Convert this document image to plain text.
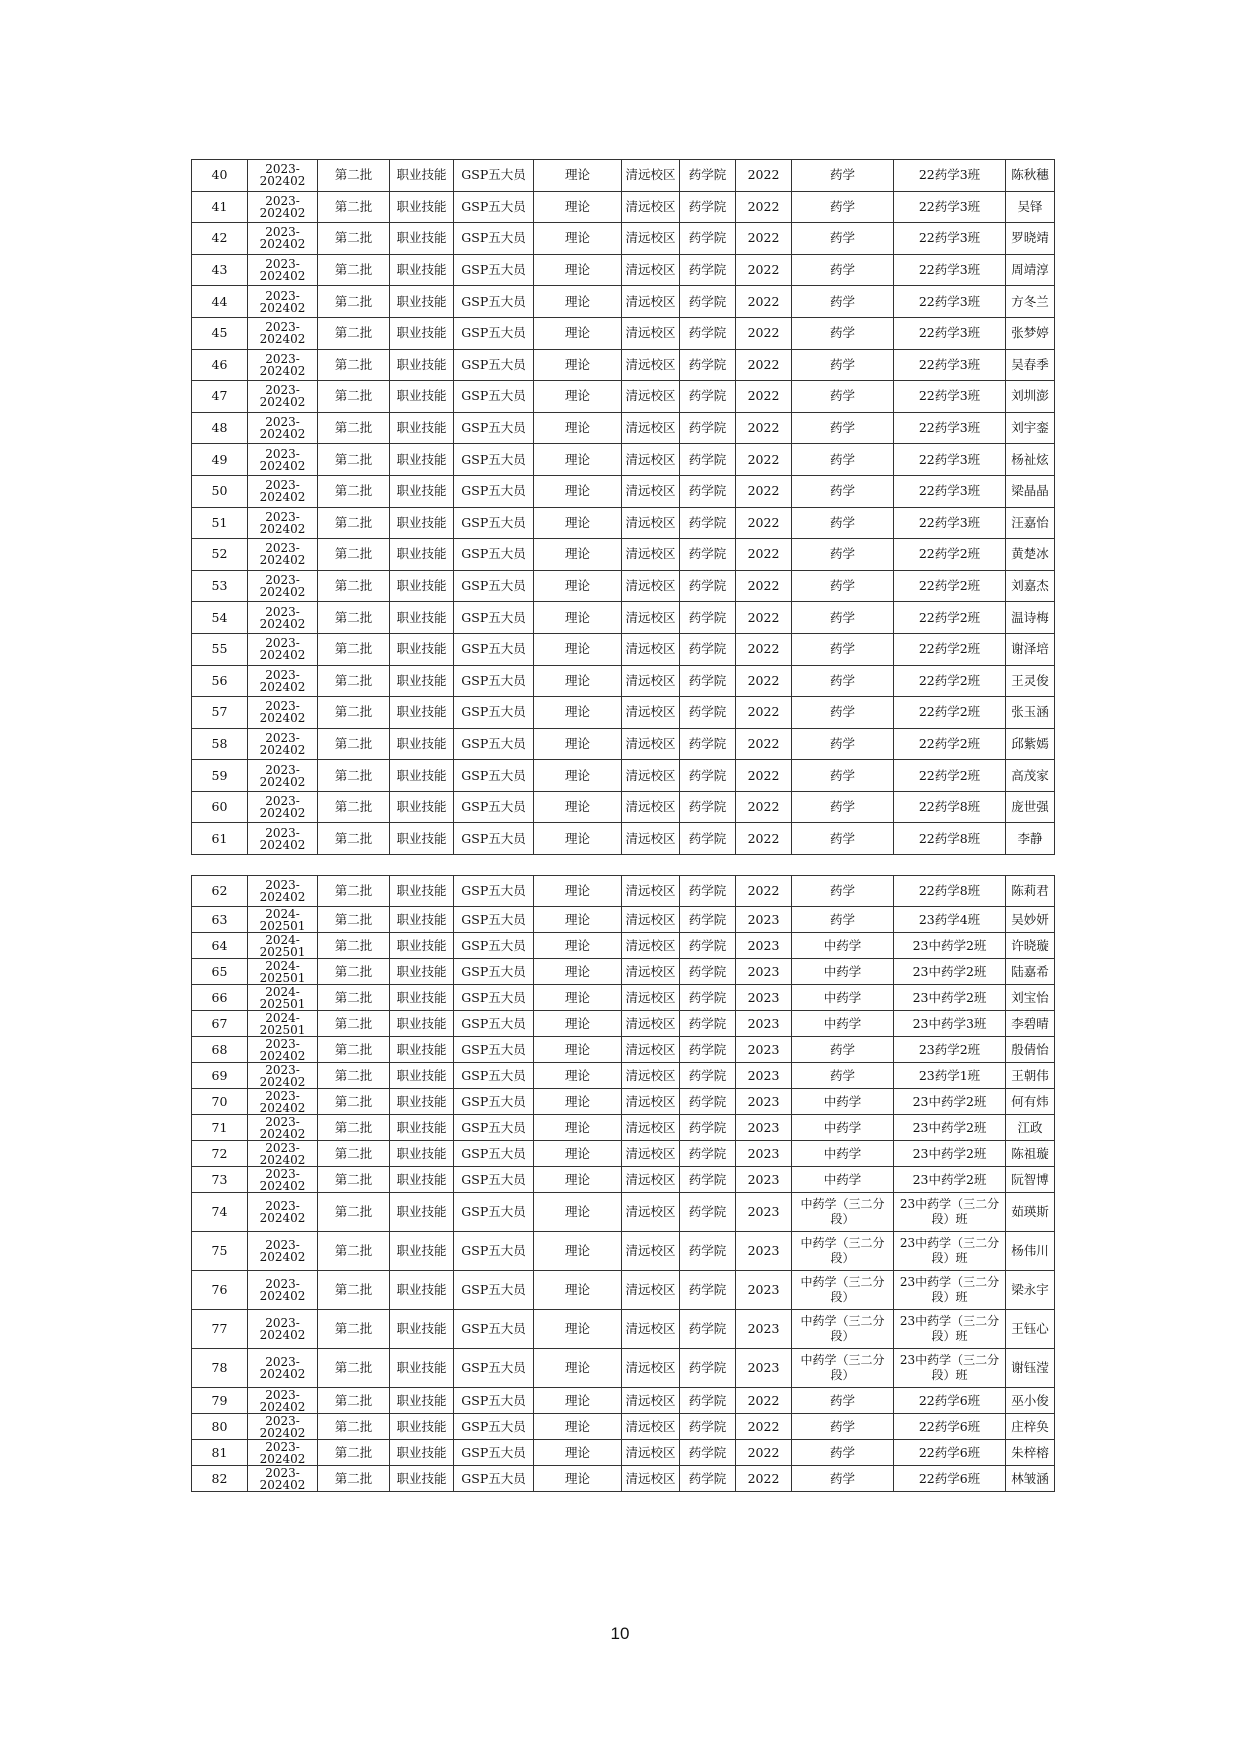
40	2023-202402	第二批	职业技能	GSP五大员	理论	清远校区	药学院	2022	药学	22药学3班	陈秋穗
41	2023-202402	第二批	职业技能	GSP五大员	理论	清远校区	药学院	2022	药学	22药学3班	吴铎
42	2023-202402	第二批	职业技能	GSP五大员	理论	清远校区	药学院	2022	药学	22药学3班	罗晓靖
43	2023-202402	第二批	职业技能	GSP五大员	理论	清远校区	药学院	2022	药学	22药学3班	周靖淳
44	2023-202402	第二批	职业技能	GSP五大员	理论	清远校区	药学院	2022	药学	22药学3班	方冬兰
45	2023-202402	第二批	职业技能	GSP五大员	理论	清远校区	药学院	2022	药学	22药学3班	张梦婷
46	2023-202402	第二批	职业技能	GSP五大员	理论	清远校区	药学院	2022	药学	22药学3班	吴春季
47	2023-202402	第二批	职业技能	GSP五大员	理论	清远校区	药学院	2022	药学	22药学3班	刘圳澎
48	2023-202402	第二批	职业技能	GSP五大员	理论	清远校区	药学院	2022	药学	22药学3班	刘宇銮
49	2023-202402	第二批	职业技能	GSP五大员	理论	清远校区	药学院	2022	药学	22药学3班	杨祉炫
50	2023-202402	第二批	职业技能	GSP五大员	理论	清远校区	药学院	2022	药学	22药学3班	梁晶晶
51	2023-202402	第二批	职业技能	GSP五大员	理论	清远校区	药学院	2022	药学	22药学3班	汪嘉怡
52	2023-202402	第二批	职业技能	GSP五大员	理论	清远校区	药学院	2022	药学	22药学2班	黄楚冰
53	2023-202402	第二批	职业技能	GSP五大员	理论	清远校区	药学院	2022	药学	22药学2班	刘嘉杰
54	2023-202402	第二批	职业技能	GSP五大员	理论	清远校区	药学院	2022	药学	22药学2班	温诗梅
55	2023-202402	第二批	职业技能	GSP五大员	理论	清远校区	药学院	2022	药学	22药学2班	谢泽培
56	2023-202402	第二批	职业技能	GSP五大员	理论	清远校区	药学院	2022	药学	22药学2班	王灵俊
57	2023-202402	第二批	职业技能	GSP五大员	理论	清远校区	药学院	2022	药学	22药学2班	张玉涵
58	2023-202402	第二批	职业技能	GSP五大员	理论	清远校区	药学院	2022	药学	22药学2班	邱紫嫣
59	2023-202402	第二批	职业技能	GSP五大员	理论	清远校区	药学院	2022	药学	22药学2班	高茂家
60	2023-202402	第二批	职业技能	GSP五大员	理论	清远校区	药学院	2022	药学	22药学8班	庞世强
61	2023-202402	第二批	职业技能	GSP五大员	理论	清远校区	药学院	2022	药学	22药学8班	李静
62	2023-202402	第二批	职业技能	GSP五大员	理论	清远校区	药学院	2022	药学	22药学8班	陈莉君
63	2024-202501	第二批	职业技能	GSP五大员	理论	清远校区	药学院	2023	药学	23药学4班	吴妙妍
64	2024-202501	第二批	职业技能	GSP五大员	理论	清远校区	药学院	2023	中药学	23中药学2班	许晓璇
65	2024-202501	第二批	职业技能	GSP五大员	理论	清远校区	药学院	2023	中药学	23中药学2班	陆嘉希
66	2024-202501	第二批	职业技能	GSP五大员	理论	清远校区	药学院	2023	中药学	23中药学2班	刘宝怡
67	2024-202501	第二批	职业技能	GSP五大员	理论	清远校区	药学院	2023	中药学	23中药学3班	李碧晴
68	2023-202402	第二批	职业技能	GSP五大员	理论	清远校区	药学院	2023	药学	23药学2班	殷倩怡
69	2023-202402	第二批	职业技能	GSP五大员	理论	清远校区	药学院	2023	药学	23药学1班	王朝伟
70	2023-202402	第二批	职业技能	GSP五大员	理论	清远校区	药学院	2023	中药学	23中药学2班	何有炜
71	2023-202402	第二批	职业技能	GSP五大员	理论	清远校区	药学院	2023	中药学	23中药学2班	江政
72	2023-202402	第二批	职业技能	GSP五大员	理论	清远校区	药学院	2023	中药学	23中药学2班	陈祖璇
73	2023-202402	第二批	职业技能	GSP五大员	理论	清远校区	药学院	2023	中药学	23中药学2班	阮智博
74	2023-202402	第二批	职业技能	GSP五大员	理论	清远校区	药学院	2023	中药学（三二分段）	23中药学（三二分段）班	茹瑛斯
75	2023-202402	第二批	职业技能	GSP五大员	理论	清远校区	药学院	2023	中药学（三二分段）	23中药学（三二分段）班	杨伟川
76	2023-202402	第二批	职业技能	GSP五大员	理论	清远校区	药学院	2023	中药学（三二分段）	23中药学（三二分段）班	梁永宇
77	2023-202402	第二批	职业技能	GSP五大员	理论	清远校区	药学院	2023	中药学（三二分段）	23中药学（三二分段）班	王钰心
78	2023-202402	第二批	职业技能	GSP五大员	理论	清远校区	药学院	2023	中药学（三二分段）	23中药学（三二分段）班	谢钰滢
79	2023-202402	第二批	职业技能	GSP五大员	理论	清远校区	药学院	2022	药学	22药学6班	巫小俊
80	2023-202402	第二批	职业技能	GSP五大员	理论	清远校区	药学院	2022	药学	22药学6班	庄梓奂
81	2023-202402	第二批	职业技能	GSP五大员	理论	清远校区	药学院	2022	药学	22药学6班	朱梓榕
82	2023-202402	第二批	职业技能	GSP五大员	理论	清远校区	药学院	2022	药学	22药学6班	林皱涵
10
